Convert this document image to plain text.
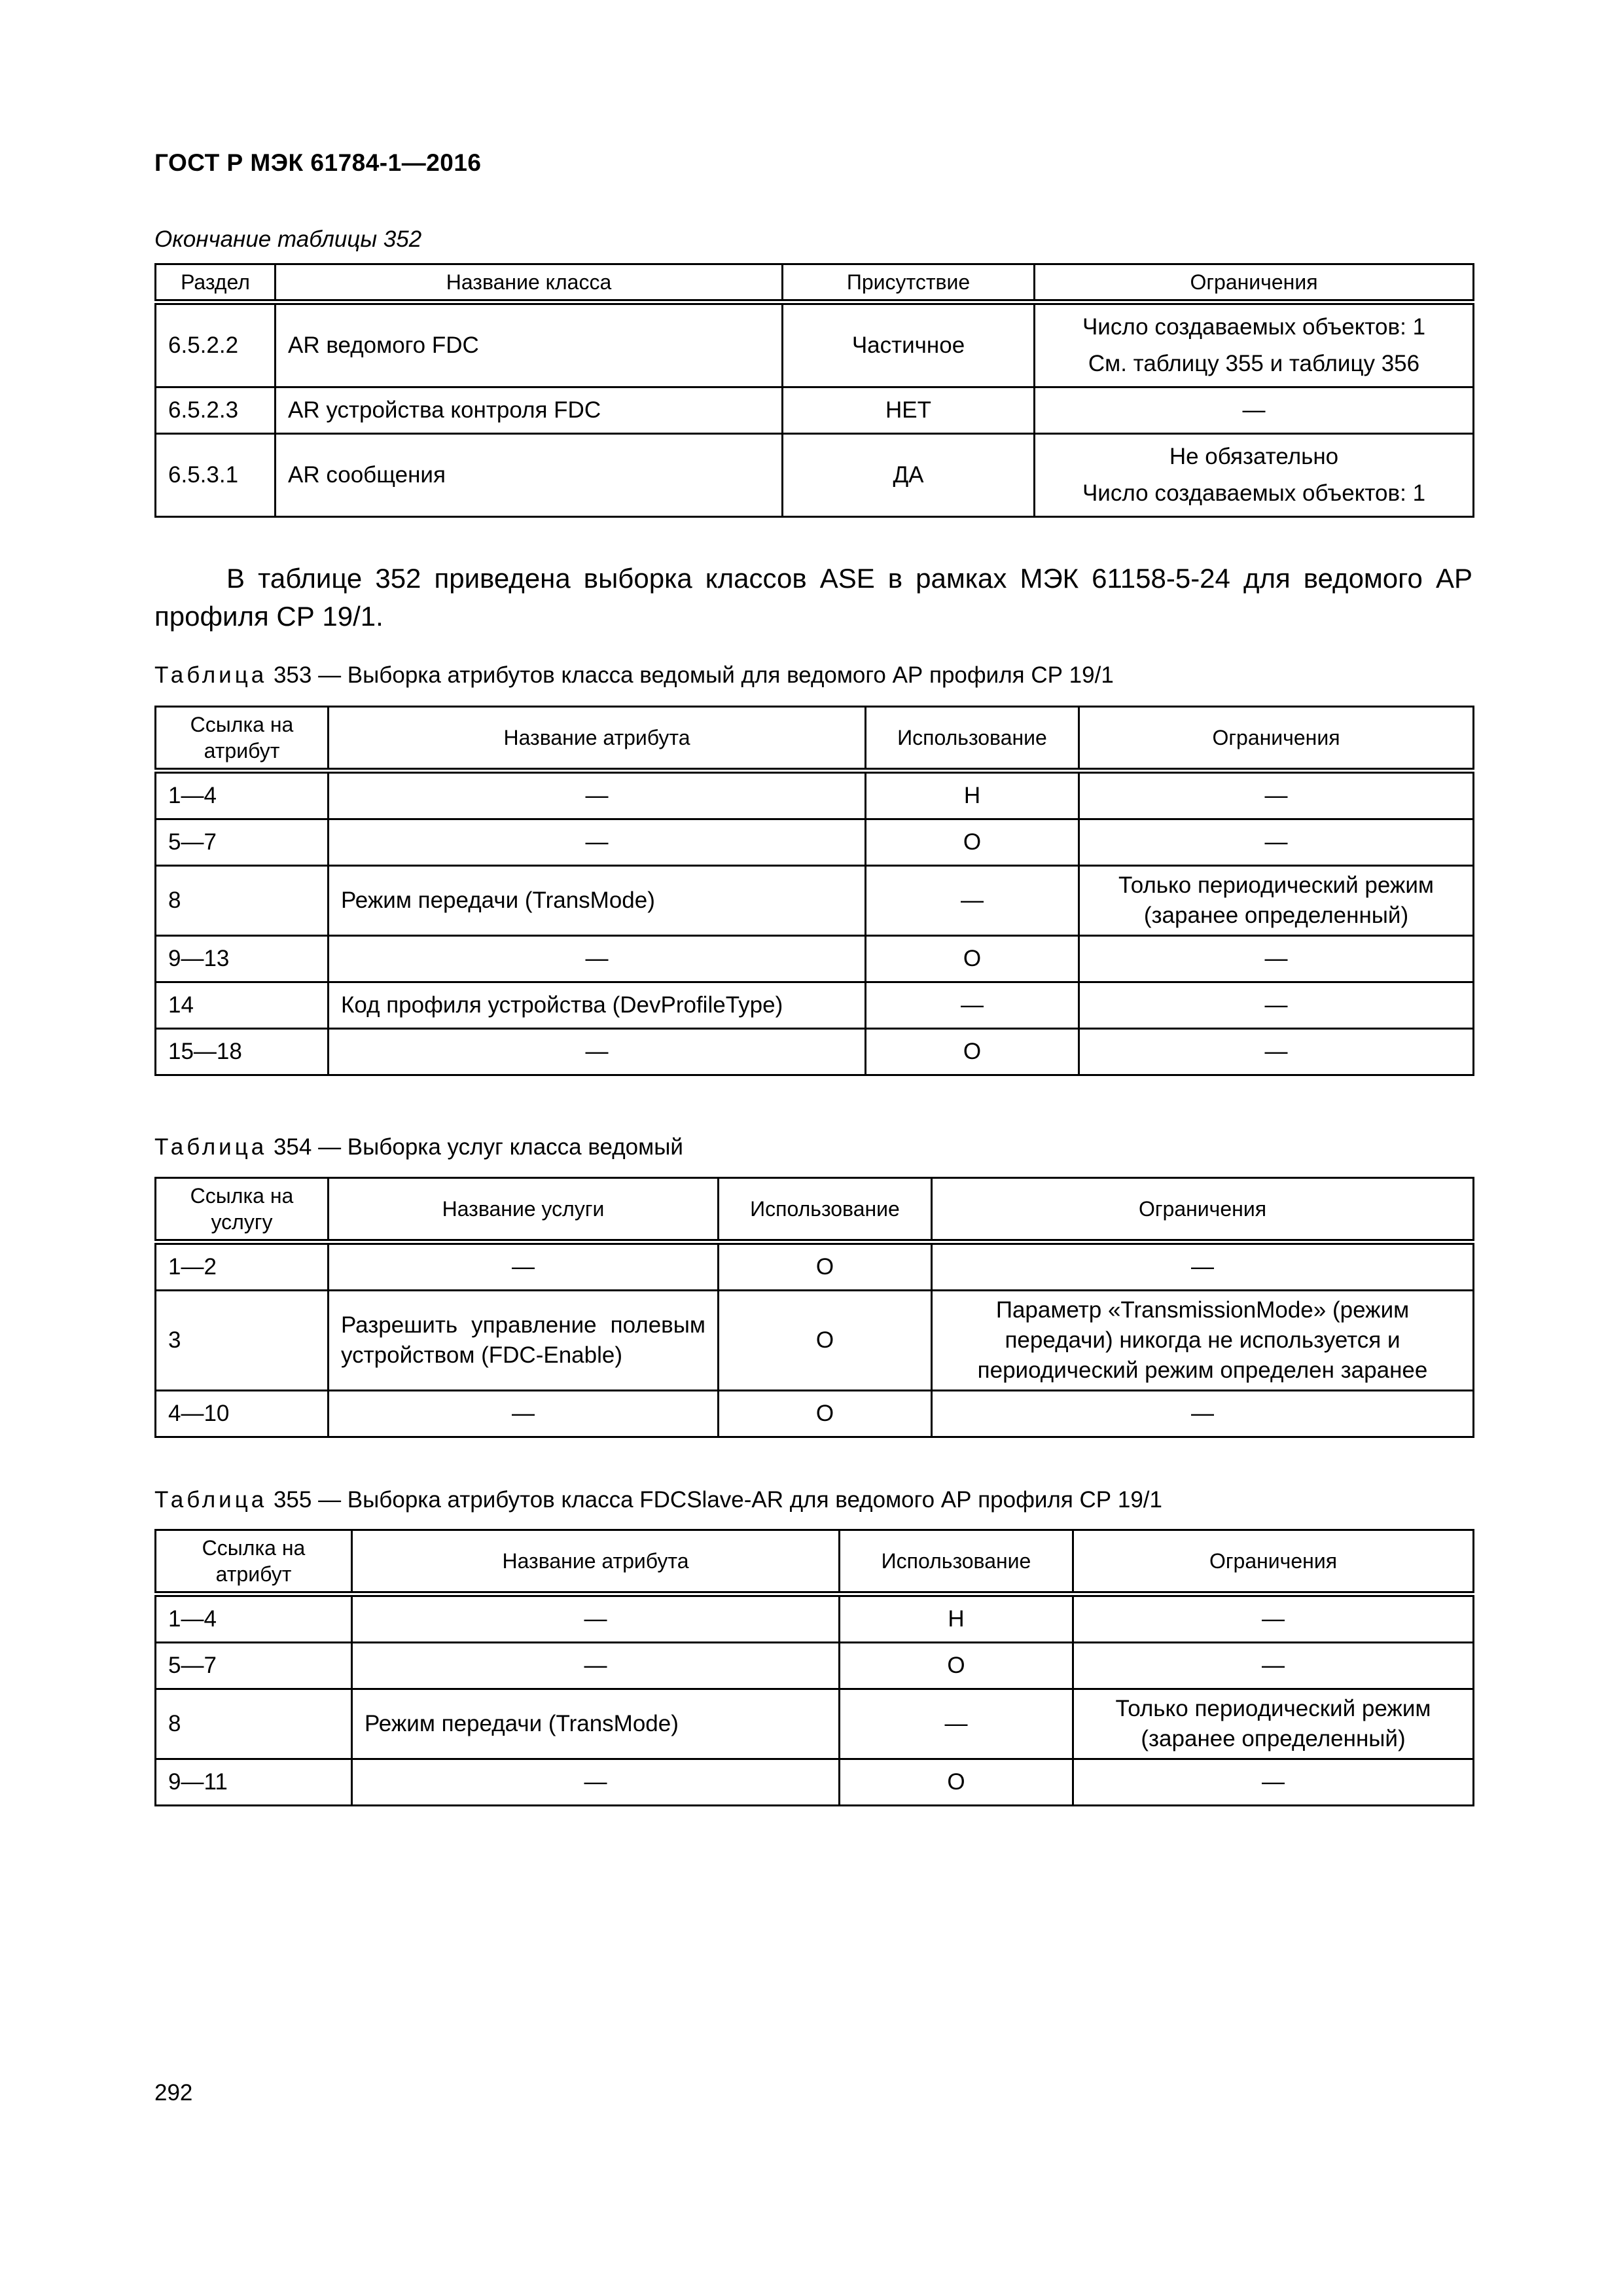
ГОСТ Р МЭК 61784-1—2016
Окончание таблицы 352
Раздел	Название класса	Присутствие	Ограничения
6.5.2.2	AR ведомого FDC	Частичное	Число создаваемых объектов: 1
См. таблицу 355 и таблицу 356

6.5.2.3	AR устройства контроля FDC	НЕТ	—
6.5.3.1	AR сообщения	ДА	Не обязательно
Число создаваемых объектов: 1
В таблице 352 приведена выборка классов ASE в рамках МЭК 61158-5-24 для ведомого АР профиля СР 19/1.
Таблица 353 — Выборка атрибутов класса ведомый для ведомого АР профиля СР 19/1
Ссылка на атрибут	Название атрибута	Использование	Ограничения
1—4	—	Н	—
5—7	—	О	—
8	Режим передачи (TransMode)	—	Только периодический режим (заранее определенный)
9—13	—	О	—
14	Код профиля устройства (DevProfileType)	—	—
15—18	—	О	—
Таблица 354 — Выборка услуг класса ведомый
Ссылка на услугу	Название услуги	Использование	Ограничения
1—2	—	О	—
3	Разрешить управление полевым устройством (FDC-Enable)	О	Параметр «TransmissionMode» (режим передачи) никогда не используется и периодический режим определен заранее
4—10	—	О	—
Таблица 355 — Выборка атрибутов класса FDCSlave-AR для ведомого АР профиля СР 19/1
Ссылка на атрибут	Название атрибута	Использование	Ограничения
1—4	—	Н	—
5—7	—	О	—
8	Режим передачи (TransMode)	—	Только периодический режим (заранее определенный)
9—11	—	О	—
292
